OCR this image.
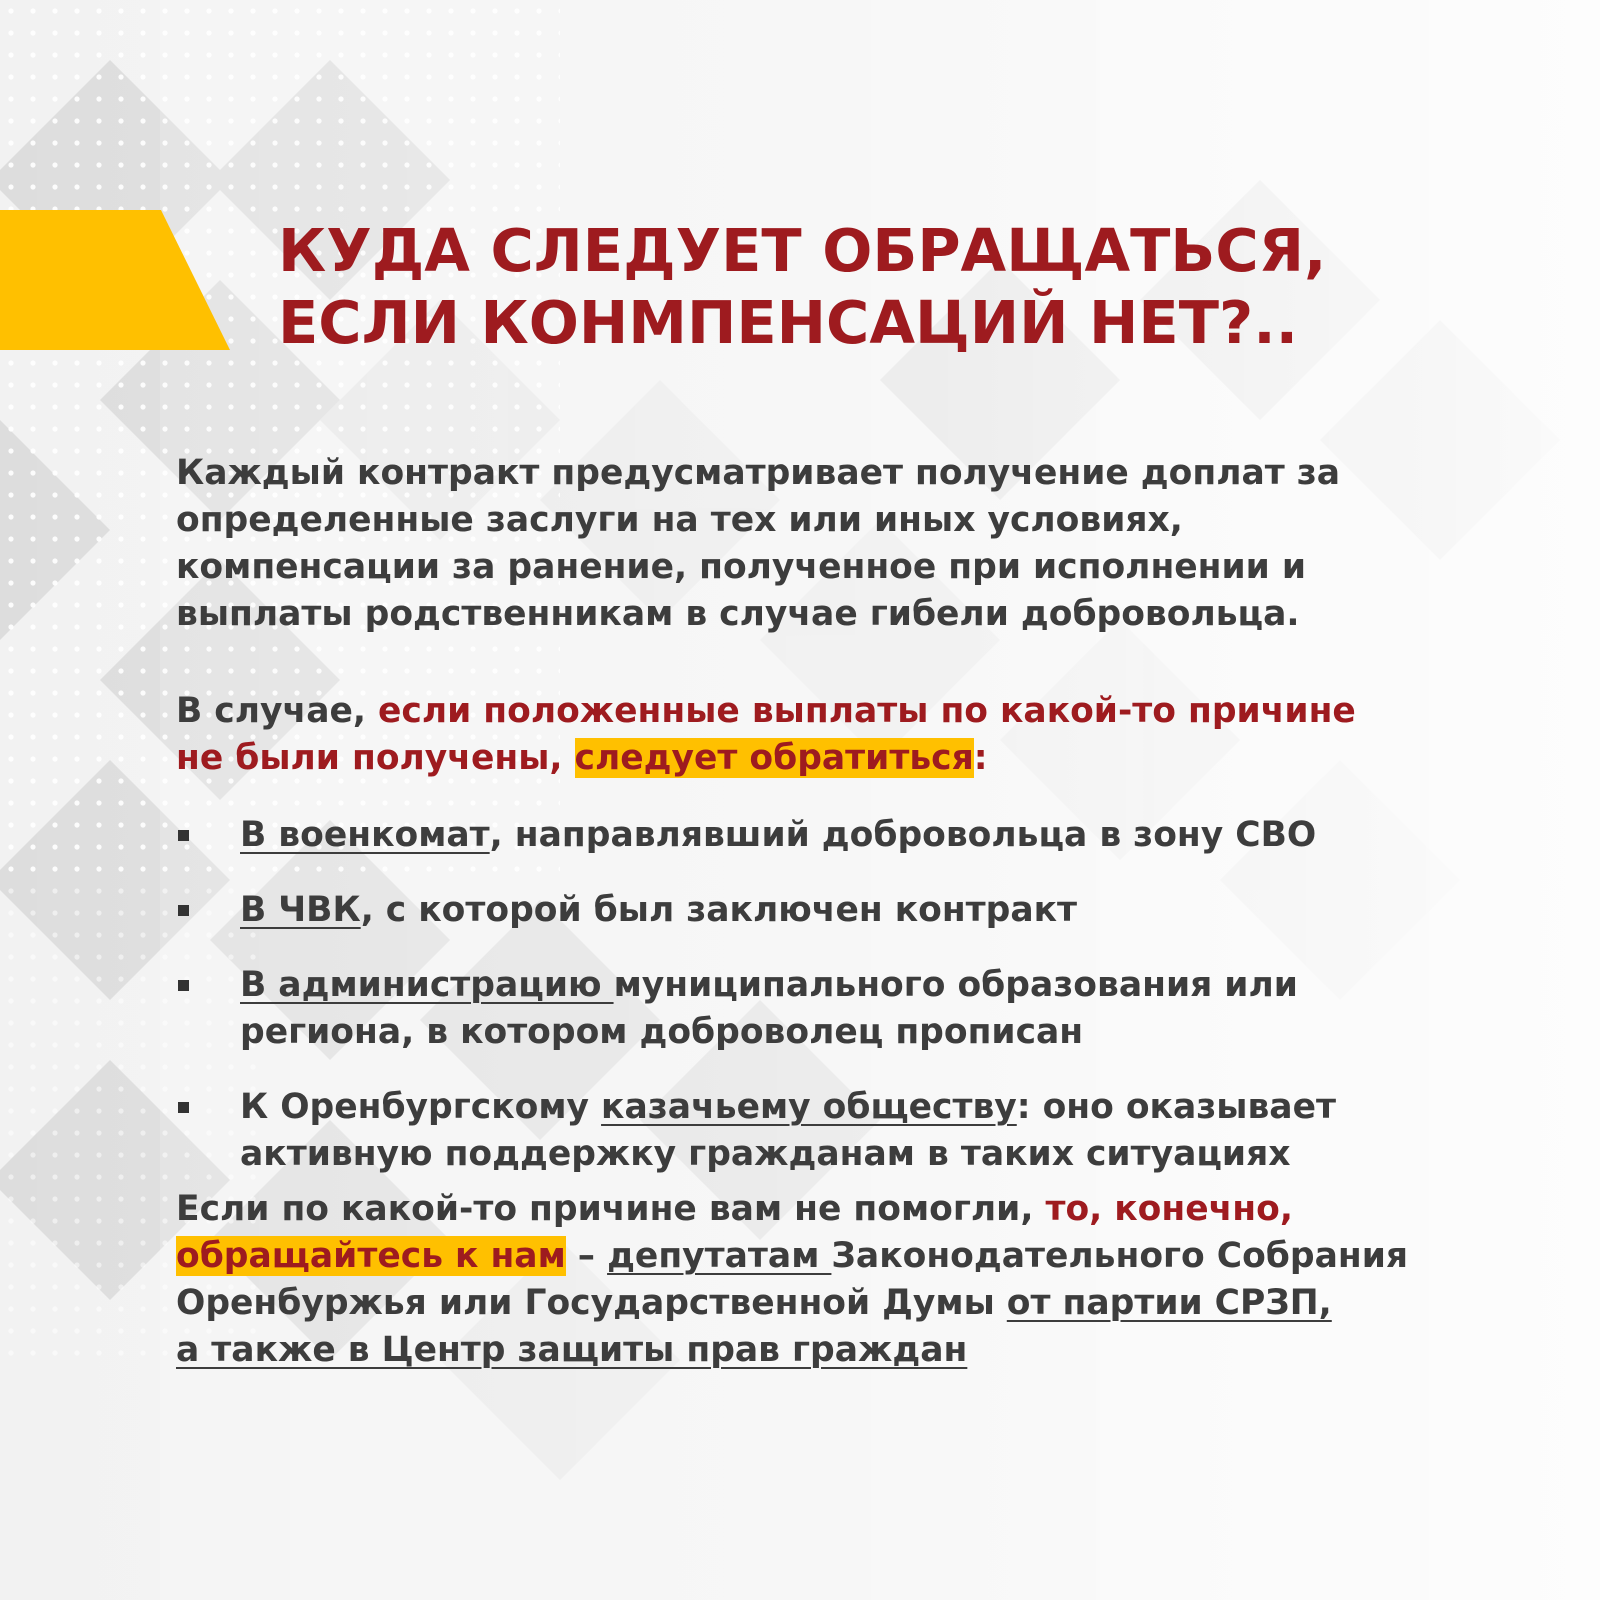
КУДА СЛЕДУЕТ ОБРАЩАТЬСЯ,
ЕСЛИ КОНМПЕНСАЦИЙ НЕТ?..
Каждый контракт предусматривает получение доплат за
определенные заслуги на тех или иных условиях,
компенсации за ранение, полученное при исполнении и
выплаты родственникам в случае гибели добровольца.
В случае, если положенные выплаты по какой-то причине
не были получены, следует обратиться:
В военкомат, направлявший добровольца в зону СВО
В ЧВК, с которой был заключен контракт
В администрацию муниципального образования или
региона, в котором доброволец прописан
К Оренбургскому казачьему обществу: оно оказывает
активную поддержку гражданам в таких ситуациях
Если по какой-то причине вам не помогли, то, конечно,
обращайтесь к нам – депутатам Законодательного Собрания
Оренбуржья или Государственной Думы от партии СРЗП,
а также в Центр защиты прав граждан
